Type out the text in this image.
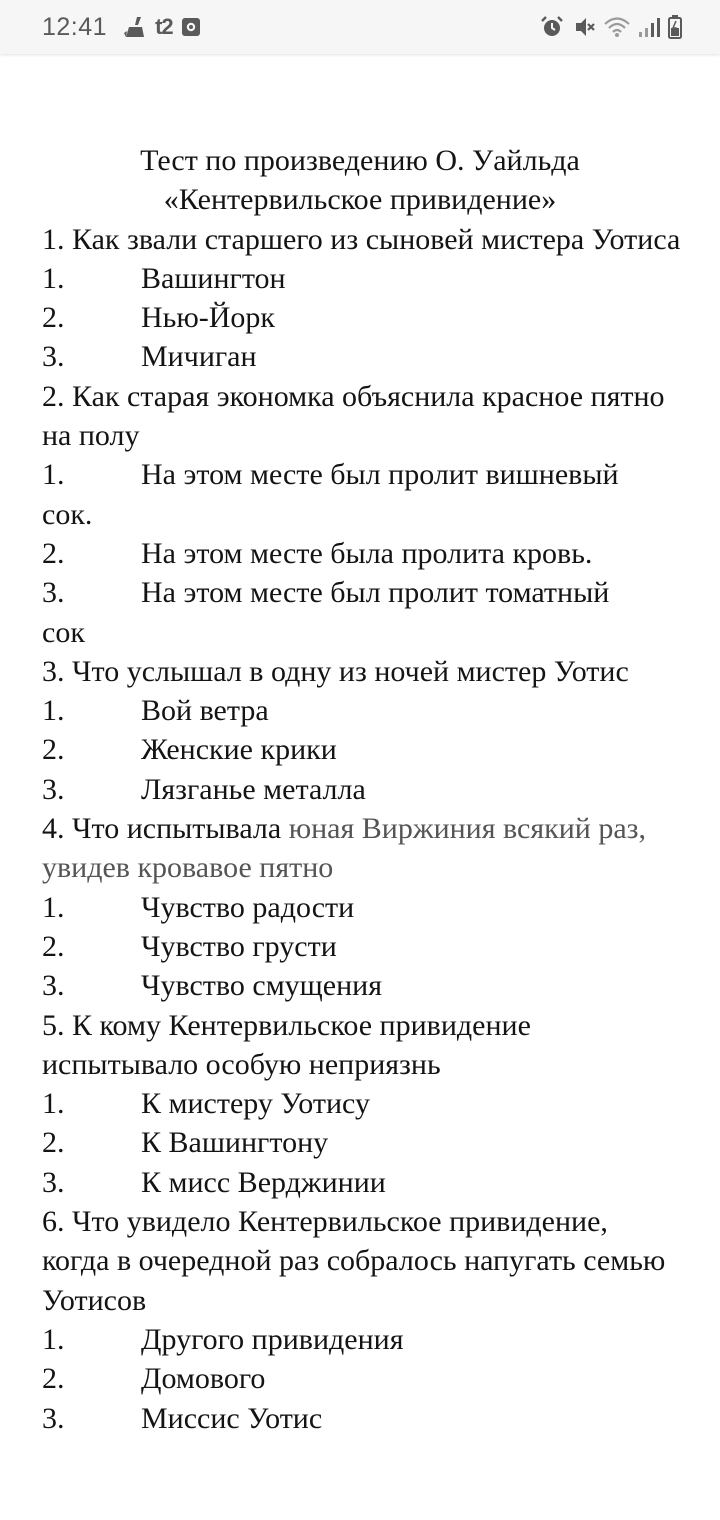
12:41 t2
Тест по произведению О. Уайльда
«Кентервильское привидение»
1. Как звали старшего из сыновей мистера Уотиса
1.	Вашингтон
2.	Нью-Йорк
3.	Мичиган
2. Как старая экономка объяснила красное пятно на полу
1.	На этом месте был пролит вишневый
сок.
2.	На этом месте была пролита кровь.
3.	На этом месте был пролит томатный
сок
3. Что услышал в одну из ночей мистер Уотис
1.	Вой ветра
2.	Женские крики
3.	Лязганье металла
4. Что испытывала юная Виржиния всякий раз, увидев кровавое пятно
1.	Чувство радости
2.	Чувство грусти
3.	Чувство смущения
5. К кому Кентервильское привидение испытывало особую неприязнь
1.	К мистеру Уотису
2.	К Вашингтону
3.	К мисс Верджинии
6. Что увидело Кентервильское привидение, когда в очередной раз собралось напугать семью Уотисов
1.	Другого привидения
2.	Домового
3.	Миссис Уотис
